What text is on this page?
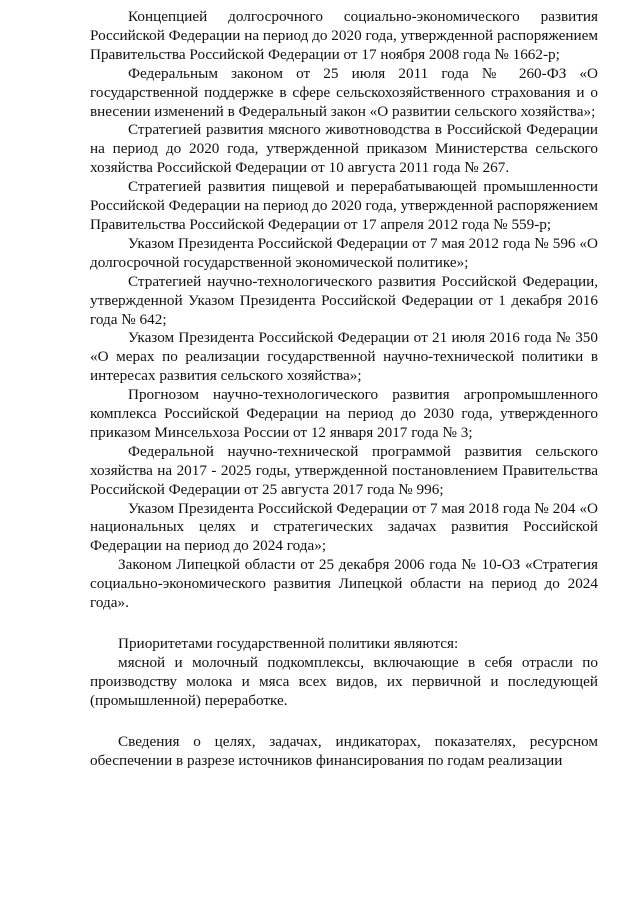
Концепцией долгосрочного социально-экономического развития Российской Федерации на период до 2020 года, утвержденной распоряжением Правительства Российской Федерации от 17 ноября 2008 года № 1662-р;

Федеральным законом от 25 июля 2011 года № 260-ФЗ «О государственной поддержке в сфере сельскохозяйственного страхования и о внесении изменений в Федеральный закон «О развитии сельского хозяйства»;

Стратегией развития мясного животноводства в Российской Федерации на период до 2020 года, утвержденной приказом Министерства сельского хозяйства Российской Федерации от 10 августа 2011 года № 267.

Стратегией развития пищевой и перерабатывающей промышленности Российской Федерации на период до 2020 года, утвержденной распоряжением Правительства Российской Федерации от 17 апреля 2012 года № 559-р;

Указом Президента Российской Федерации от 7 мая 2012 года № 596 «О долгосрочной государственной экономической политике»;

Стратегией научно-технологического развития Российской Федерации, утвержденной Указом Президента Российской Федерации от 1 декабря 2016 года № 642;

Указом Президента Российской Федерации от 21 июля 2016 года № 350 «О мерах по реализации государственной научно-технической политики в интересах развития сельского хозяйства»;

Прогнозом научно-технологического развития агропромышленного комплекса Российской Федерации на период до 2030 года, утвержденного приказом Минсельхоза России от 12 января 2017 года № 3;

Федеральной научно-технической программой развития сельского хозяйства на 2017 - 2025 годы, утвержденной постановлением Правительства Российской Федерации от 25 августа 2017 года № 996;

Указом Президента Российской Федерации от 7 мая 2018 года № 204 «О национальных целях и стратегических задачах развития Российской Федерации на период до 2024 года»;

Законом Липецкой области от 25 декабря 2006 года № 10-ОЗ «Стратегия социально-экономического развития Липецкой области на период до 2024 года».

Приоритетами государственной политики являются:

мясной и молочный подкомплексы, включающие в себя отрасли по производству молока и мяса всех видов, их первичной и последующей (промышленной) переработке.

Сведения о целях, задачах, индикаторах, показателях, ресурсном обеспечении в разрезе источников финансирования по годам реализации
